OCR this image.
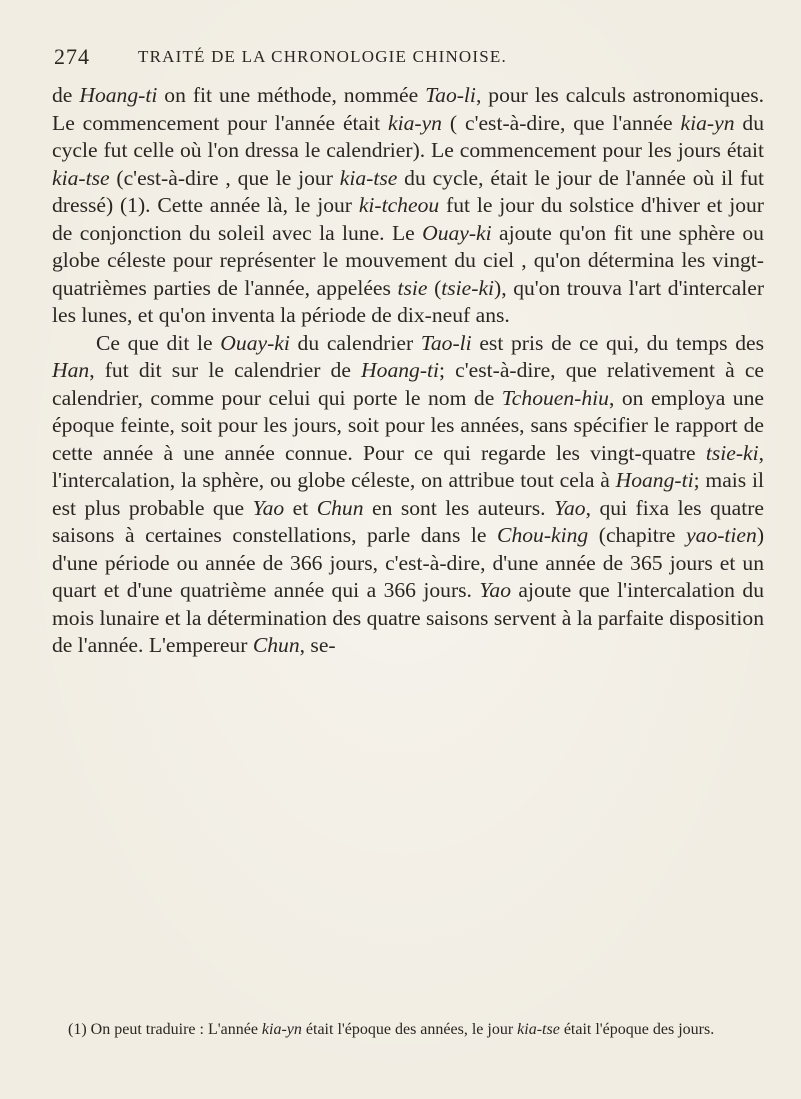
274	TRAITÉ DE LA CHRONOLOGIE CHINOISE.

de Hoang-ti on fit une méthode, nommée Tao-li, pour les calculs astronomiques. Le commencement pour l'année était kia-yn ( c'est-à-dire, que l'année kia-yn du cycle fut celle où l'on dressa le calendrier). Le commencement pour les jours était kia-tse (c'est-à-dire , que le jour kia-tse du cycle, était le jour de l'année où il fut dressé) (1). Cette année là, le jour ki-tcheou fut le jour du solstice d'hiver et jour de conjonction du soleil avec la lune. Le Ouay-ki ajoute qu'on fit une sphère ou globe céleste pour représenter le mouvement du ciel , qu'on détermina les vingt-quatrièmes parties de l'année, appelées tsie (tsie-ki), qu'on trouva l'art d'intercaler les lunes, et qu'on inventa la période de dix-neuf ans.

Ce que dit le Ouay-ki du calendrier Tao-li est pris de ce qui, du temps des Han, fut dit sur le calendrier de Hoang-ti; c'est-à-dire, que relativement à ce calendrier, comme pour celui qui porte le nom de Tchouen-hiu, on employa une époque feinte, soit pour les jours, soit pour les années, sans spécifier le rapport de cette année à une année connue. Pour ce qui regarde les vingt-quatre tsie-ki, l'intercalation, la sphère, ou globe céleste, on attribue tout cela à Hoang-ti; mais il est plus probable que Yao et Chun en sont les auteurs. Yao, qui fixa les quatre saisons à certaines constellations, parle dans le Chou-king (chapitre yao-tien) d'une période ou année de 366 jours, c'est-à-dire, d'une année de 365 jours et un quart et d'une quatrième année qui a 366 jours. Yao ajoute que l'intercalation du mois lunaire et la détermination des quatre saisons servent à la parfaite disposition de l'année. L'empereur Chun, se-

(1) On peut traduire : L'année kia-yn était l'époque des années, le jour kia-tse était l'époque des jours.
